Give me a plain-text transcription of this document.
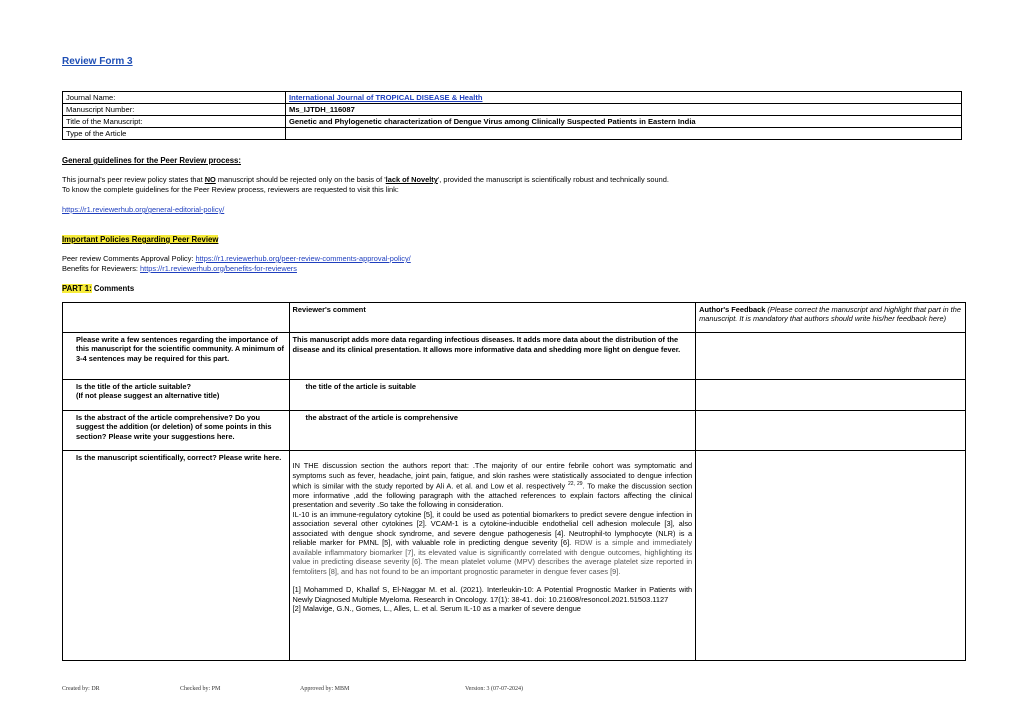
Review Form 3
Journal Name:	International Journal of TROPICAL DISEASE & Health
Manuscript Number:	Ms_IJTDH_116087
Title of the Manuscript:	Genetic and Phylogenetic characterization of Dengue Virus among Clinically Suspected Patients in Eastern India
Type of the Article	
General guidelines for the Peer Review process:
This journal's peer review policy states that NO manuscript should be rejected only on the basis of 'lack of Novelty', provided the manuscript is scientifically robust and technically sound.
To know the complete guidelines for the Peer Review process, reviewers are requested to visit this link:
https://r1.reviewerhub.org/general-editorial-policy/
Important Policies Regarding Peer Review
Peer review Comments Approval Policy: https://r1.reviewerhub.org/peer-review-comments-approval-policy/
Benefits for Reviewers: https://r1.reviewerhub.org/benefits-for-reviewers
PART 1: Comments
	Reviewer's comment	Author's Feedback (Please correct the manuscript and highlight that part in the manuscript. It is mandatory that authors should write his/her feedback here)
Please write a few sentences regarding the importance of this manuscript for the scientific community. A minimum of 3-4 sentences may be required for this part.	This manuscript adds more data regarding infectious diseases. It adds more data about the distribution of the disease and its clinical presentation. It allows more informative data and shedding more light on dengue fever.	

Is the title of the article suitable?
(If not please suggest an alternative title)	the title of the article is suitable	
Is the abstract of the article comprehensive? Do you suggest the addition (or deletion) of some points in this section? Please write your suggestions here.	the abstract of the article is comprehensive	
Is the manuscript scientifically, correct? Please write here.	IN THE discussion section the authors report that: .The majority of our entire febrile cohort was symptomatic and symptoms such as fever, headache, joint pain, fatigue, and skin rashes were statistically associated to dengue infection which is similar with the study reported by Ali A. et al. and Low et al. respectively $^{22, 29}$. To make the discussion section more informative ,add the following paragraph with the attached references to explain factors affecting the clinical presentation and severity .So take the following in consideration.
IL-10 is an immune-regulatory cytokine [5], it could be used as potential biomarkers to predict severe dengue infection in association several other cytokines [2]. VCAM-1 is a cytokine-inducible endothelial cell adhesion molecule [3], also associated with dengue shock syndrome, and severe dengue pathogenesis [4]. Neutrophil-to lymphocyte (NLR) is a reliable marker for PMNL [5], with valuable role in predicting dengue severity [6]. RDW is a simple and immediately available inflammatory biomarker [7], its elevated value is significantly correlated with dengue outcomes, highlighting its value in predicting disease severity [6]. The mean platelet volume (MPV) describes the average platelet size reported in femtoliters [8], and has not found to be an important prognostic parameter in dengue fever cases [9].
[1] Mohammed D, Khallaf S, El-Naggar M. et al. (2021). Interleukin-10: A Potential Prognostic Marker in Patients with Newly Diagnosed Multiple Myeloma. Research in Oncology. 17(1): 38-41. doi: 10.21608/resoncol.2021.51503.1127
[2] Malavige, G.N., Gomes, L., Alles, L. et al. Serum IL-10 as a marker of severe dengue	

Created by: DR	Checked by: PM	Approved by: MBM	Version: 3 (07-07-2024)
